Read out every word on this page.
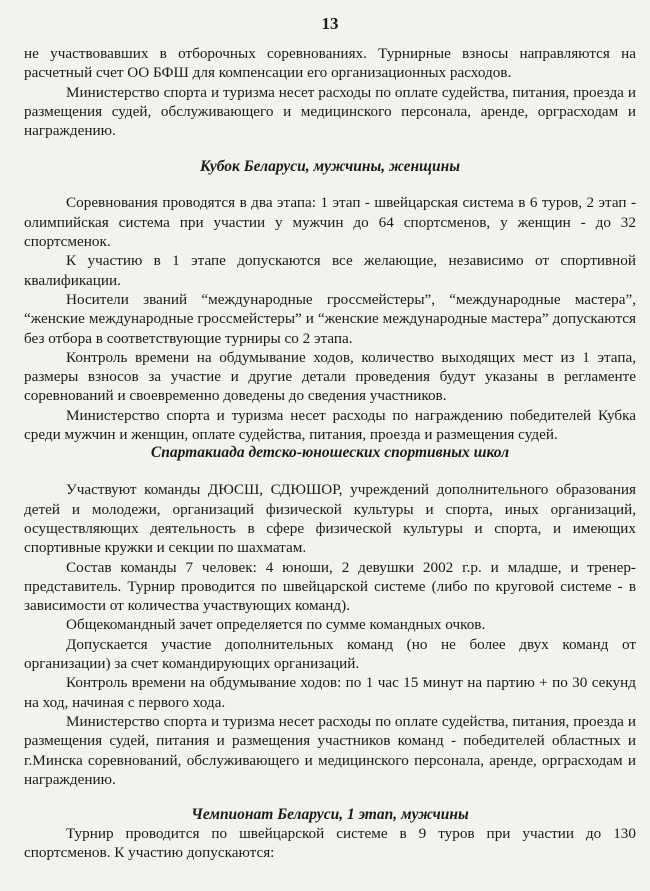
13

не участвовавших в отборочных соревнованиях. Турнирные взносы направляются на расчетный счет ОО БФШ для компенсации его организационных расходов.

Министерство спорта и туризма несет расходы по оплате судейства, питания, проезда и размещения судей, обслуживающего и медицинского персонала, аренде, орграсходам и награждению.

Кубок Беларуси, мужчины, женщины

Соревнования проводятся в два этапа: 1 этап - швейцарская система в 6 туров, 2 этап - олимпийская система при участии у мужчин до 64 спортсменов, у женщин - до 32 спортсменок.

К участию в 1 этапе допускаются все желающие, независимо от спортивной квалификации.

Носители званий “международные гроссмейстеры”, “международные мастера”, “женские международные гроссмейстеры” и “женские международные мастера” допускаются без отбора в соответствующие турниры со 2 этапа.

Контроль времени на обдумывание ходов, количество выходящих мест из 1 этапа, размеры взносов за участие и другие детали проведения будут указаны в регламенте соревнований и своевременно доведены до сведения участников.

Министерство спорта и туризма несет расходы по награждению победителей Кубка среди мужчин и женщин, оплате судейства, питания, проезда и размещения судей.

Спартакиада детско-юношеских спортивных школ

Участвуют команды ДЮСШ, СДЮШОР, учреждений дополнительного образования детей и молодежи, организаций физической культуры и спорта, иных организаций, осуществляющих деятельность в сфере физической культуры и спорта, и имеющих спортивные кружки и секции по шахматам.

Состав команды 7 человек: 4 юноши, 2 девушки 2002 г.р. и младше, и тренер-представитель. Турнир проводится по швейцарской системе (либо по круговой системе - в зависимости от количества участвующих команд).

Общекомандный зачет определяется по сумме командных очков.

Допускается участие дополнительных команд (но не более двух команд от организации) за счет командирующих организаций.

Контроль времени на обдумывание ходов: по 1 час 15 минут на партию + по 30 секунд на ход, начиная с первого хода.

Министерство спорта и туризма несет расходы по оплате судейства, питания, проезда и размещения судей, питания и размещения участников команд - победителей областных и г.Минска соревнований, обслуживающего и медицинского персонала, аренде, орграсходам и награждению.

Чемпионат Беларуси, 1 этап, мужчины

Турнир проводится по швейцарской системе в 9 туров при участии до 130 спортсменов. К участию допускаются:
